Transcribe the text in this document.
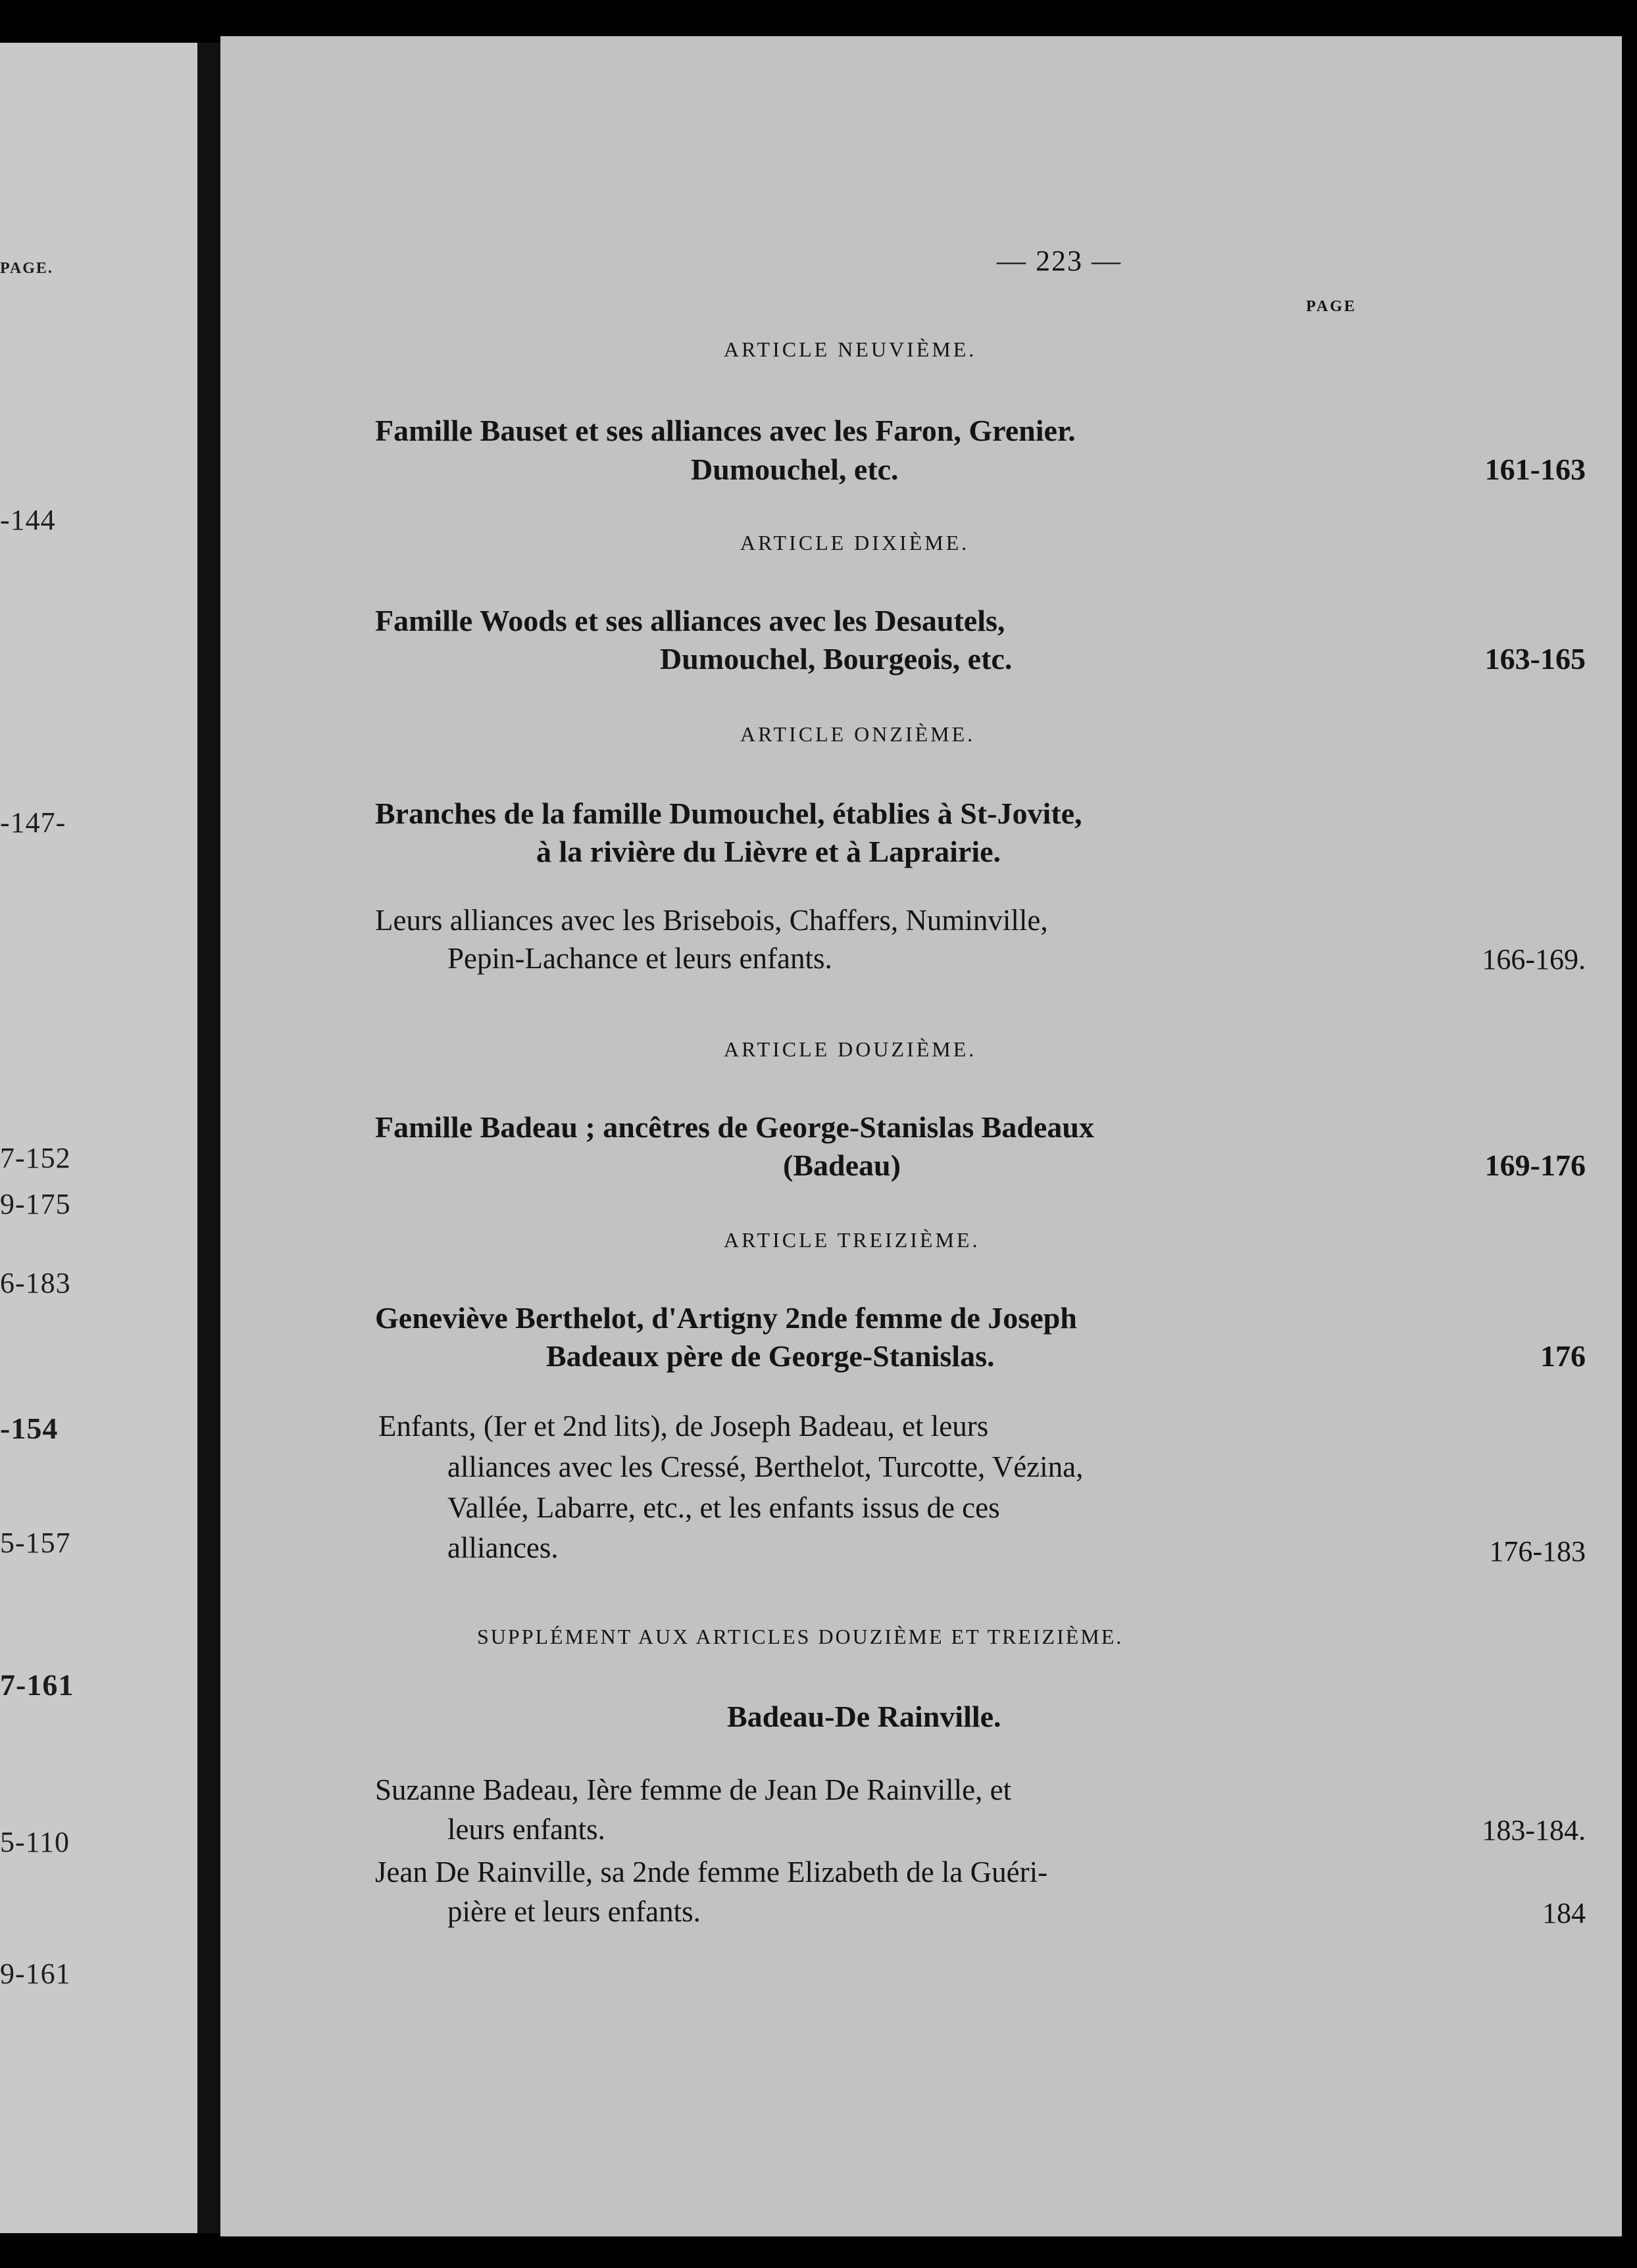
PAGE.
-144
-147-
7-152
9-175
6-183
-154
5-157
7-161
5-110
9-161
— 223 —
PAGE
ARTICLE NEUVIÈME.
Famille Bauset et ses alliances avec les Faron, Grenier.
Dumouchel, etc.	161-163
ARTICLE DIXIÈME.
Famille Woods et ses alliances avec les Desautels,
Dumouchel, Bourgeois, etc.	163-165
ARTICLE ONZIÈME.
Branches de la famille Dumouchel, établies à St-Jovite,
à la rivière du Lièvre et à Laprairie.
Leurs alliances avec les Brisebois, Chaffers, Numinville,
Pepin-Lachance et leurs enfants.	166-169.
ARTICLE DOUZIÈME.
Famille Badeau ; ancêtres de George-Stanislas Badeaux
(Badeau)	169-176
ARTICLE TREIZIÈME.
Geneviève Berthelot, d'Artigny 2nde femme de Joseph
Badeaux père de George-Stanislas.	176
Enfants, (Ier et 2nd lits), de Joseph Badeau, et leurs
alliances avec les Cressé, Berthelot, Turcotte, Vézina,
Vallée, Labarre, etc., et les enfants issus de ces
alliances.	176-183
SUPPLÉMENT AUX ARTICLES DOUZIÈME ET TREIZIÈME.
Badeau-De Rainville.
Suzanne Badeau, Ière femme de Jean De Rainville, et
leurs enfants.	183-184.
Jean De Rainville, sa 2nde femme Elizabeth de la Guéri-
pière et leurs enfants.	184
